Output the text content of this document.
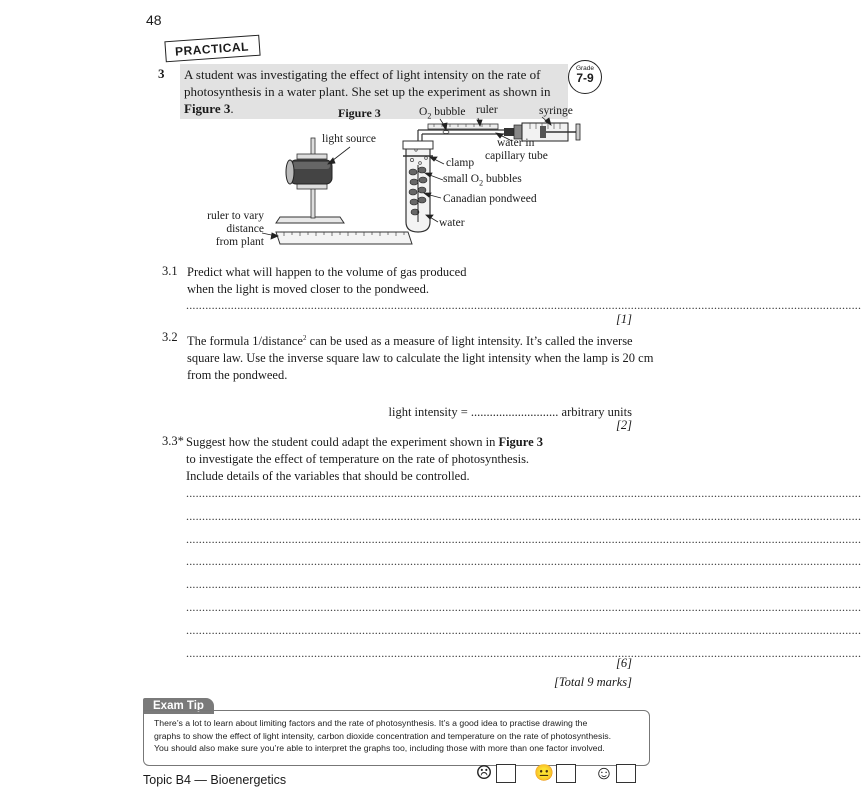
48
PRACTICAL
3	A student was investigating the effect of light intensity on the rate of
photosynthesis in a water plant. She set up the experiment as shown in Figure 3.
Grade
7-9
Figure 3
light source
$O_2$ bubble ruler	syringe
water in
capillary tube
clamp
small $O_2$ bubbles
Canadian pondweed
water
ruler to vary
distance
from plant
3.1 Predict what will happen to the volume of gas produced
when the light is moved closer to the pondweed.
...................................................................................................................................................................................................................
[1]
3.2 The formula 1/distance$^2$ can be used as a measure of light intensity. It’s called the inverse
square law. Use the inverse square law to calculate the light intensity when the lamp is 20 cm
from the pondweed.
light intensity = ............................ arbitrary units
[2]
3.3* Suggest how the student could adapt the experiment shown in Figure 3
to investigate the effect of temperature on the rate of photosynthesis.
Include details of the variables that should be controlled.
...................................................................................................................................................................................................................
...................................................................................................................................................................................................................
...................................................................................................................................................................................................................
...................................................................................................................................................................................................................
...................................................................................................................................................................................................................
...................................................................................................................................................................................................................
...................................................................................................................................................................................................................
...................................................................................................................................................................................................................
[6]
[Total 9 marks]
Exam Tip
There’s a lot to learn about limiting factors and the rate of photosynthesis. It’s a good idea to practise drawing the
graphs to show the effect of light intensity, carbon dioxide concentration and temperature on the rate of photosynthesis.
You should also make sure you’re able to interpret the graphs too, including those with more than one factor involved.
Topic B4 — Bioenergetics	☹	😐 ☺
